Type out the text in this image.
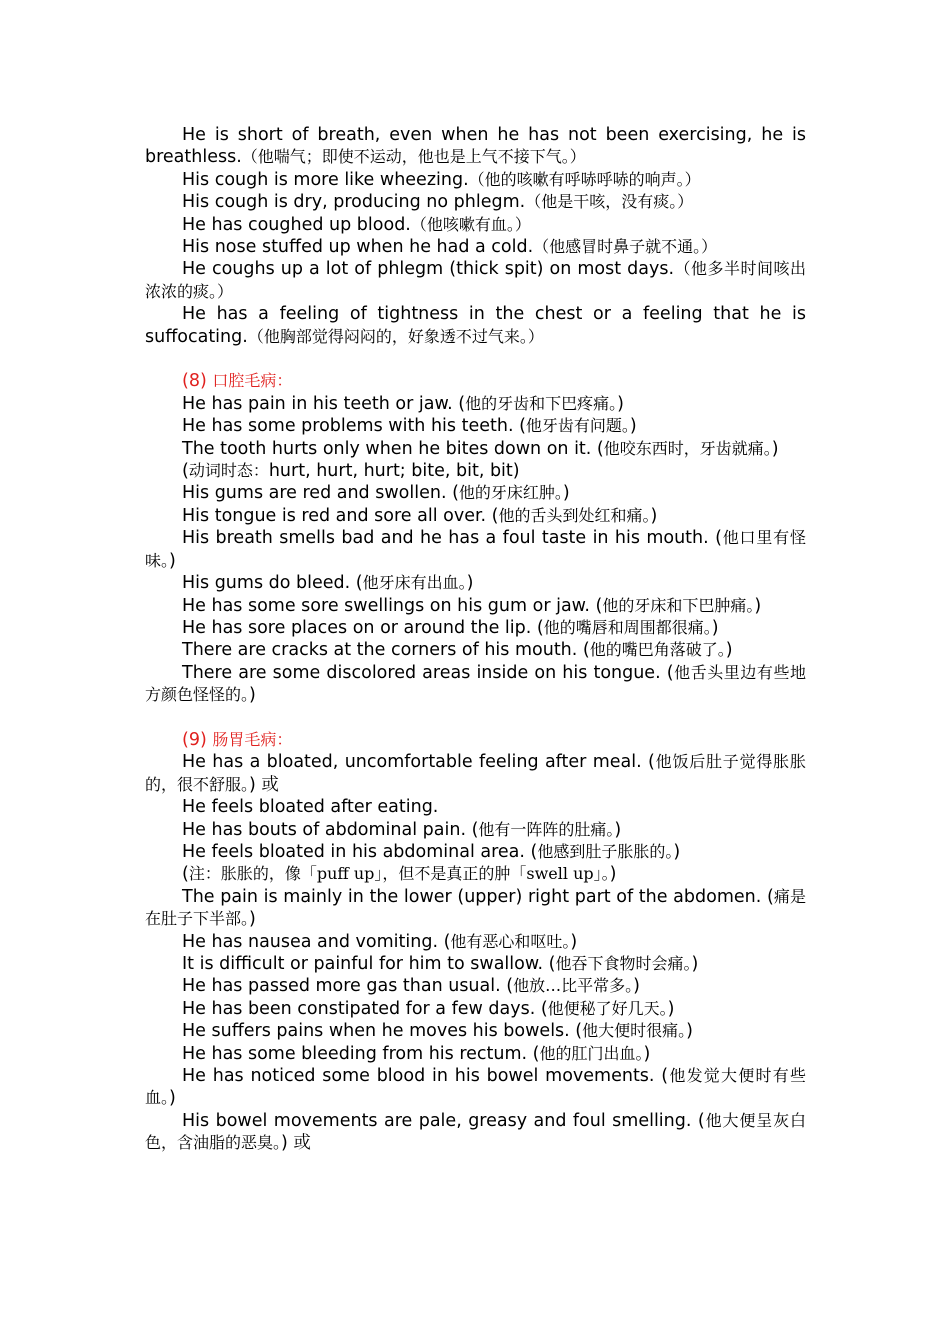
He is short of breath, even when he has not been exercising, he is breathless.（他喘气；即使不运动，他也是上气不接下气。）

His cough is more like wheezing.（他的咳嗽有呼哧呼哧的响声。）

His cough is dry, producing no phlegm.（他是干咳，没有痰。）

He has coughed up blood.（他咳嗽有血。）

His nose stuffed up when he had a cold.（他感冒时鼻子就不通。）

He coughs up a lot of phlegm (thick spit) on most days.（他多半时间咳出浓浓的痰。）

He has a feeling of tightness in the chest or a feeling that he is suffocating.（他胸部觉得闷闷的，好象透不过气来。）

(8) 口腔毛病：

He has pain in his teeth or jaw. (他的牙齿和下巴疼痛。)

He has some problems with his teeth. (他牙齿有问题。)

The tooth hurts only when he bites down on it. (他咬东西时，牙齿就痛。)

(动词时态：hurt, hurt, hurt; bite, bit, bit)

His gums are red and swollen. (他的牙床红肿。)

His tongue is red and sore all over. (他的舌头到处红和痛。)

His breath smells bad and he has a foul taste in his mouth. (他口里有怪味。)

His gums do bleed. (他牙床有出血。)

He has some sore swellings on his gum or jaw. (他的牙床和下巴肿痛。)

He has sore places on or around the lip. (他的嘴唇和周围都很痛。)

There are cracks at the corners of his mouth. (他的嘴巴角落破了。)

There are some discolored areas inside on his tongue. (他舌头里边有些地方颜色怪怪的。)

(9) 肠胃毛病：

He has a bloated, uncomfortable feeling after meal. (他饭后肚子觉得胀胀的，很不舒服。) 或

He feels bloated after eating.

He has bouts of abdominal pain. (他有一阵阵的肚痛。)

He feels bloated in his abdominal area. (他感到肚子胀胀的。)

(注：胀胀的，像「puff up」，但不是真正的肿「swell up」。)

The pain is mainly in the lower (upper) right part of the abdomen. (痛是在肚子下半部。)

He has nausea and vomiting. (他有恶心和呕吐。)

It is difficult or painful for him to swallow. (他吞下食物时会痛。)

He has passed more gas than usual. (他放…比平常多。)

He has been constipated for a few days. (他便秘了好几天。)

He suffers pains when he moves his bowels. (他大便时很痛。)

He has some bleeding from his rectum. (他的肛门出血。)

He has noticed some blood in his bowel movements. (他发觉大便时有些血。)

His bowel movements are pale, greasy and foul smelling. (他大便呈灰白色，含油脂的恶臭。) 或
